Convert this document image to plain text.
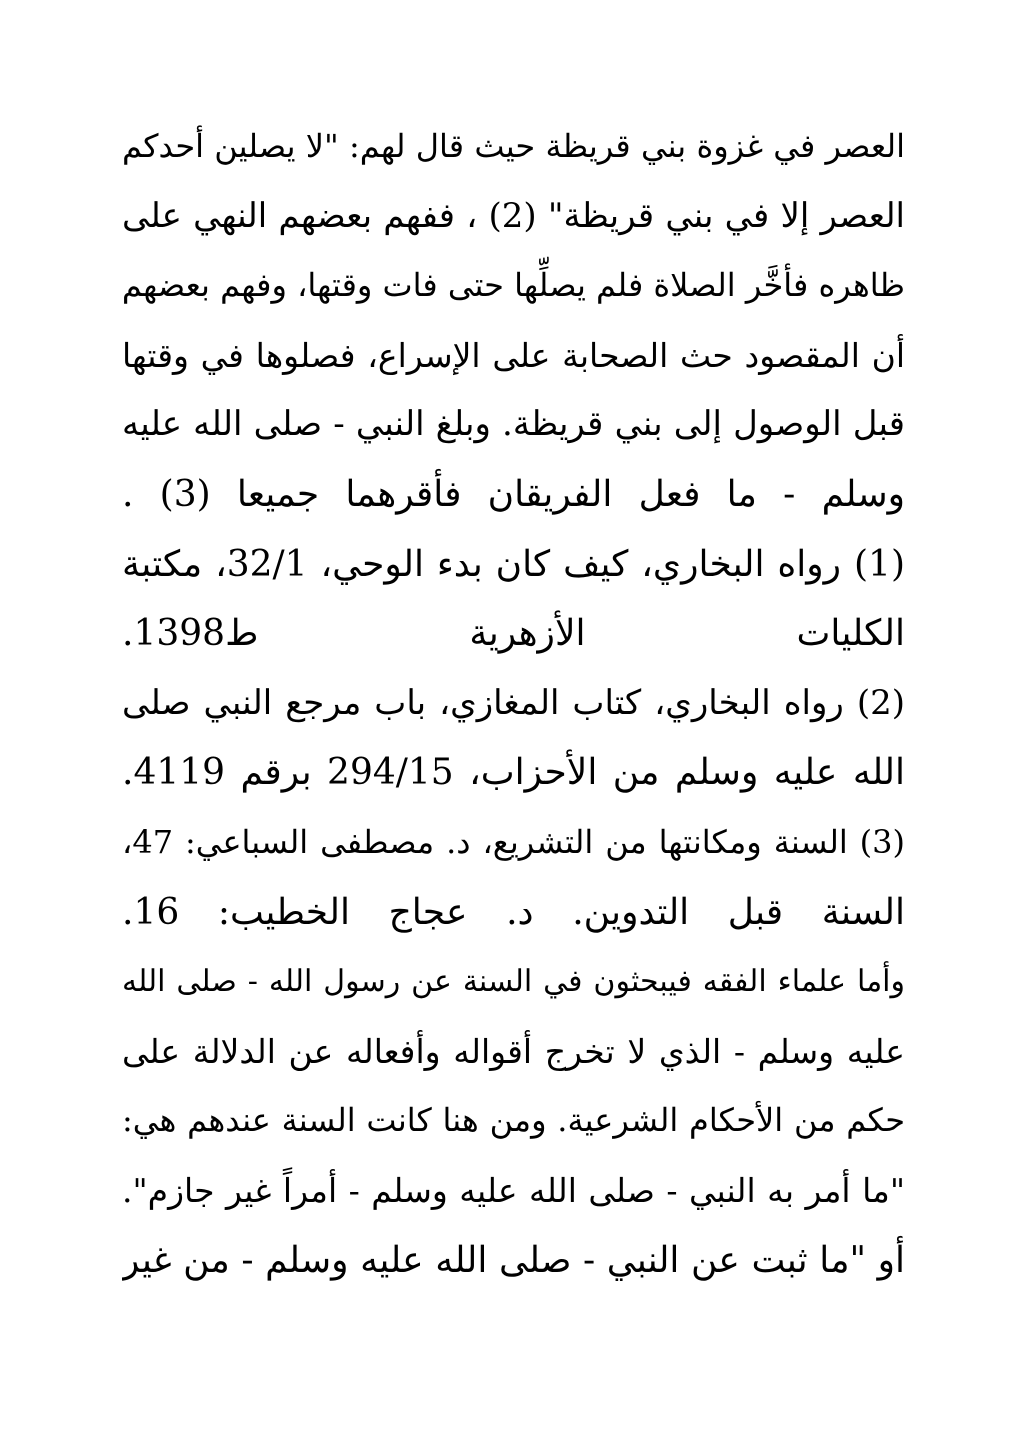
العصر في غزوة بني قريظة حيث قال لهم: "لا يصلين أحدكم
العصر إلا في بني قريظة" (2) ، ففهم بعضهم النهي على
ظاهره فأخَّر الصلاة فلم يصلِّها حتى فات وقتها، وفهم بعضهم
أن المقصود حث الصحابة على الإسراع، فصلوها في وقتها
قبل الوصول إلى بني قريظة. وبلغ النبي - صلى الله عليه
وسلم - ما فعل الفريقان فأقرهما جميعا (3) .
(1) رواه البخاري، كيف كان بدء الوحي، 32/1، مكتبة
الكليات الأزهرية ط1398.
(2) رواه البخاري، كتاب المغازي، باب مرجع النبي صلى
الله عليه وسلم من الأحزاب، 294/15 برقم 4119.
(3) السنة ومكانتها من التشريع، د. مصطفى السباعي: 47،
السنة قبل التدوين. د. عجاج الخطيب: 16.
وأما علماء الفقه فيبحثون في السنة عن رسول الله - صلى الله
عليه وسلم - الذي لا تخرج أقواله وأفعاله عن الدلالة على
حكم من الأحكام الشرعية. ومن هنا كانت السنة عندهم هي:
"ما أمر به النبي - صلى الله عليه وسلم - أمراً غير جازم".
أو "ما ثبت عن النبي - صلى الله عليه وسلم - من غير
